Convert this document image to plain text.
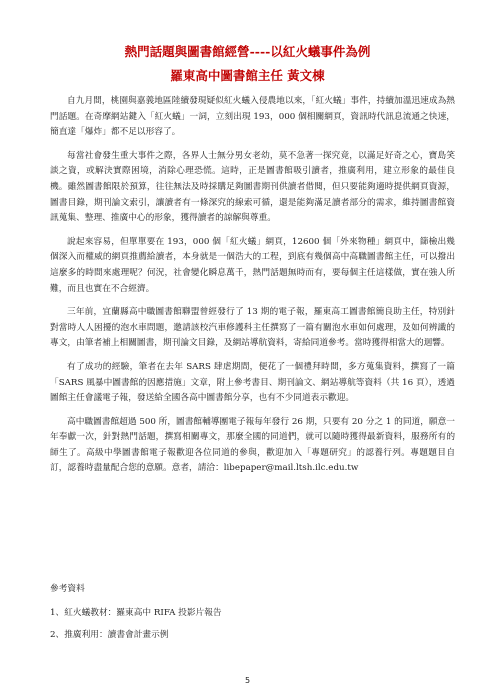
熱門話題與圖書館經營----以紅火蟻事件為例
羅東高中圖書館主任 黃文棟

自九月間，桃園與嘉義地區陸續發現疑似紅火蟻入侵農地以來，「紅火蟻」事件，持續加溫迅速成為熱門話題。在奇摩網站鍵入「紅火蟻」一詞，立刻出現 193，000 個相關網頁，資訊時代訊息流通之快速，簡直達「爆炸」都不足以形容了。

每當社會發生重大事件之際，各界人士無分男女老幼，莫不急著一探究竟，以滿足好奇之心，寶島笑談之資，或解決實際困境，消除心理恐慌。這時，正是圖書館吸引讀者，推廣利用，建立形象的最佳良機。雖然圖書館限於預算，往往無法及時採購足夠圖書期刊供讀者借閱，但只要能夠適時提供網頁資源，圖書目錄，期刊論文索引，讓讀者有一條深究的線索可循，還是能夠滿足讀者部分的需求，維持圖書館資訊蒐集、整理、推廣中心的形象，獲得讀者的諒解與尊重。

說起來容易，但單單要在 193，000 個「紅火蟻」網頁，12600 個「外來物種」網頁中，篩檢出幾個深入而權威的網頁推薦給讀者，本身就是一個浩大的工程，到底有幾個高中高職圖書館主任，可以撥出這麼多的時間來處理呢？何況，社會變化瞬息萬千，熱門話題無時而有，要每個主任這樣做，實在強人所難，而且也實在不合經濟。

三年前，宜蘭縣高中職圖書館聯盟曾經發行了 13 期的電子報，羅東高工圖書館簡良助主任，特別針對當時人人困擾的泡水車問題，邀請該校汽車修護科主任撰寫了一篇有關泡水車如何處理，及如何辨識的專文，由筆者補上相關圖書，期刊論文目錄，及網站導航資料，寄給同道參考。當時獲得相當大的迴響。

有了成功的經驗，筆者在去年 SARS 肆虐期間，便花了一個禮拜時間，多方蒐集資料，撰寫了一篇「SARS 風暴中圖書館的因應措施」文章，附上參考書目、期刊論文、網站導航等資料（共 16 頁），透過圖館主任會議電子報，發送給全國各高中圖書館分享，也有不少同道表示歡迎。

高中職圖書館超過 500 所，圖書館輔導團電子報每年發行 26 期，只要有 20 分之 1 的同道，願意一年奉獻一次，針對熱門話題，撰寫相關專文，那麼全國的同道們，就可以隨時獲得最新資料，服務所有的師生了。高級中學圖書館電子報歡迎各位同道的參與，歡迎加入「專題研究」的認養行列。專題題目自訂，認養時盡量配合您的意願。意者，請洽：libepaper@mail.ltsh.ilc.edu.tw

參考資料
1、紅火蟻教材：羅東高中 RIFA 投影片報告
2、推廣利用：讀書會計畫示例
5
